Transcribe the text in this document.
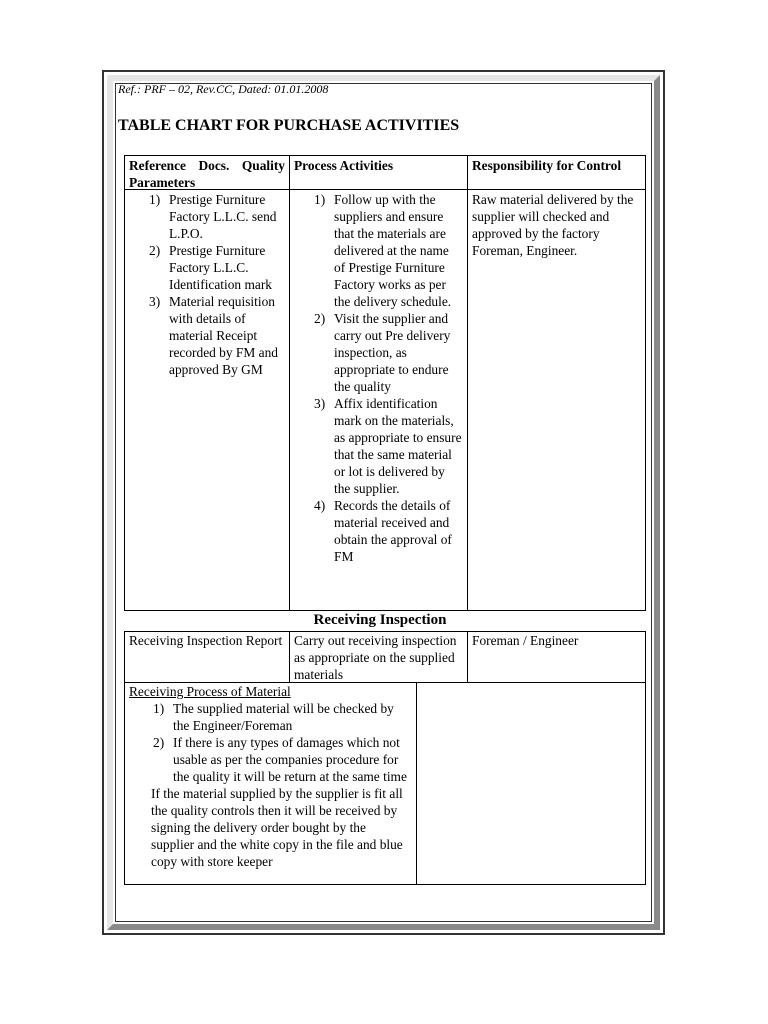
Ref.: PRF – 02, Rev.CC, Dated: 01.01.2008
TABLE CHART FOR PURCHASE ACTIVITIES
Reference Docs. Quality Parameters
Process Activities	Responsibility for Control
1) Prestige Furniture Factory L.L.C. send L.P.O.
2) Prestige Furniture Factory L.L.C. Identification mark
3) Material requisition with details of material Receipt recorded by FM and approved By GM
1) Follow up with the suppliers and ensure that the materials are delivered at the name of Prestige Furniture Factory works as per the delivery schedule.
2) Visit the supplier and carry out Pre delivery inspection, as appropriate to endure the quality
3) Affix identification mark on the materials, as appropriate to ensure that the same material or lot is delivered by the supplier.
4) Records the details of material received and obtain the approval of FM
Raw material delivered by the supplier will checked and approved by the factory Foreman, Engineer.
Receiving Inspection
Receiving Inspection Report Carry out receiving inspection as appropriate on the supplied materials
Foreman / Engineer
Receiving Process of Material
1) The supplied material will be checked by the Engineer/Foreman
2) If there is any types of damages which not usable as per the companies procedure for the quality it will be return at the same time
If the material supplied by the supplier is fit all the quality controls then it will be received by signing the delivery order bought by the supplier and the white copy in the file and blue copy with store keeper
